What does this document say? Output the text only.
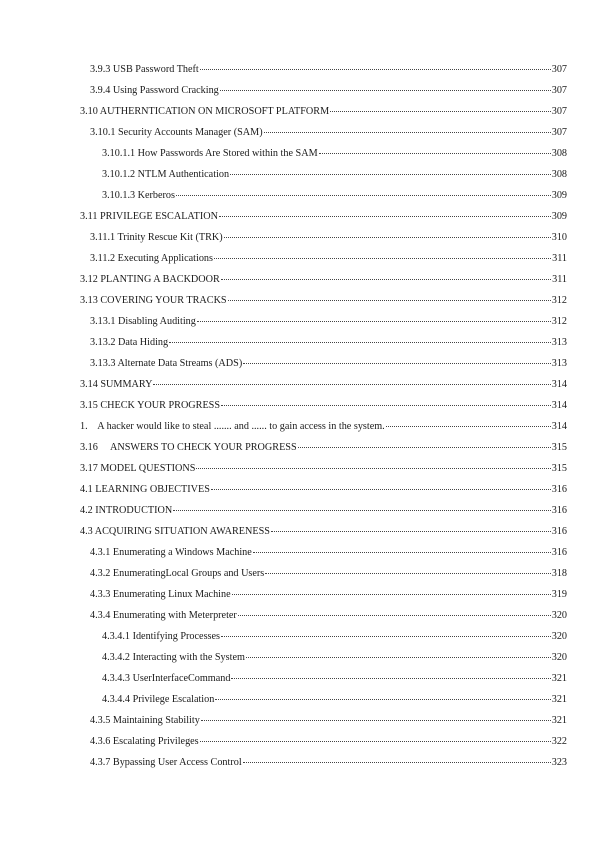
3.9.3 USB Password Theft	307
3.9.4 Using Password Cracking	307
3.10 AUTHERNTICATION ON MICROSOFT PLATFORM	307
3.10.1 Security Accounts Manager (SAM)	307
3.10.1.1 How Passwords Are Stored within the SAM	308
3.10.1.2 NTLM Authentication	308
3.10.1.3 Kerberos	309
3.11 PRIVILEGE ESCALATION	309
3.11.1 Trinity Rescue Kit (TRK)	310
3.11.2 Executing Applications	311
3.12 PLANTING A BACKDOOR	311
3.13 COVERING YOUR TRACKS	312
3.13.1 Disabling Auditing	312
3.13.2 Data Hiding	313
3.13.3 Alternate Data Streams (ADS)	313
3.14 SUMMARY	314
3.15 CHECK YOUR PROGRESS	314
1.    A hacker would like to steal ....... and ...... to gain access in the system.	314
3.16     ANSWERS TO CHECK YOUR PROGRESS	315
3.17 MODEL QUESTIONS	315
4.1 LEARNING OBJECTIVES	316
4.2 INTRODUCTION	316
4.3 ACQUIRING SITUATION AWARENESS	316
4.3.1 Enumerating a Windows Machine	316
4.3.2 EnumeratingLocal Groups and Users	318
4.3.3 Enumerating Linux Machine	319
4.3.4 Enumerating with Meterpreter	320
4.3.4.1 Identifying Processes	320
4.3.4.2 Interacting with the System	320
4.3.4.3 UserInterfaceCommand	321
4.3.4.4 Privilege Escalation	321
4.3.5 Maintaining Stability	321
4.3.6 Escalating Privileges	322
4.3.7 Bypassing User Access Control	323
